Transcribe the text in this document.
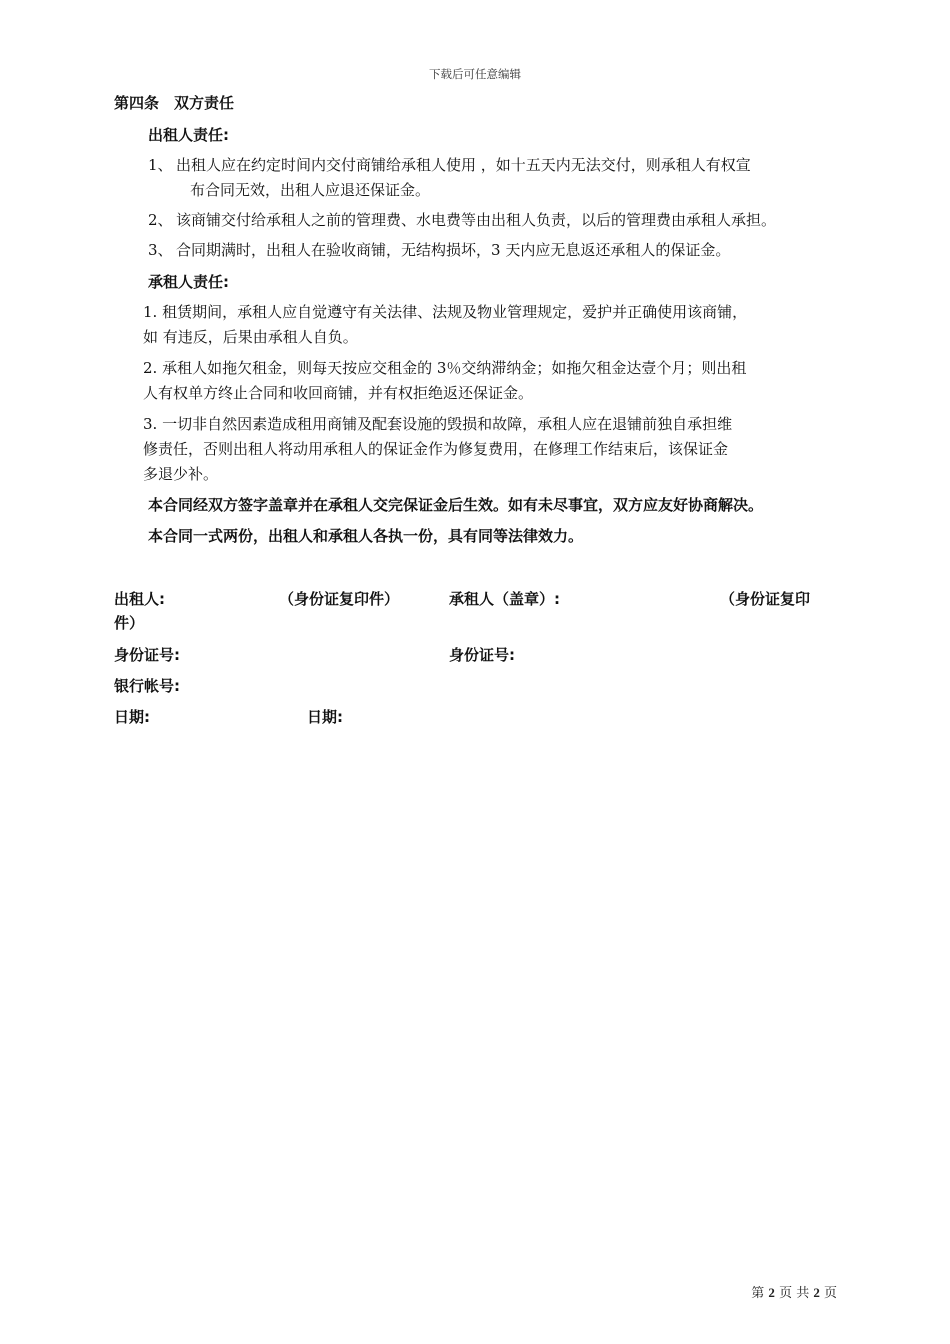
下载后可任意编辑
第四条　双方责任
出租人责任:
1、 出租人应在约定时间内交付商铺给承租人使用 ，如十五天内无法交付，则承租人有权宣
布合同无效，出租人应退还保证金。
2、 该商铺交付给承租人之前的管理费、水电费等由出租人负责，以后的管理费由承租人承担。
3、 合同期满时，出租人在验收商铺，无结构损坏，3 天内应无息返还承租人的保证金。
承租人责任:
1. 租赁期间，承租人应自觉遵守有关法律、法规及物业管理规定，爱护并正确使用该商铺，
如 有违反，后果由承租人自负。
2. 承租人如拖欠租金，则每天按应交租金的 3％交纳滞纳金；如拖欠租金达壹个月；则出租
人有权单方终止合同和收回商铺，并有权拒绝返还保证金。
3. 一切非自然因素造成租用商铺及配套设施的毁损和故障，承租人应在退铺前独自承担维
修责任，否则出租人将动用承租人的保证金作为修复费用，在修理工作结束后，该保证金
多退少补。
本合同经双方签字盖章并在承租人交完保证金后生效。如有未尽事宜，双方应友好协商解决。
本合同一式两份，出租人和承租人各执一份，具有同等法律效力。
出租人:	（身份证复印件）	承租人（盖章）:	（身份证复印
件）
身份证号:	身份证号:
银行帐号:
日期:	日期:
第 2 页 共 2 页
